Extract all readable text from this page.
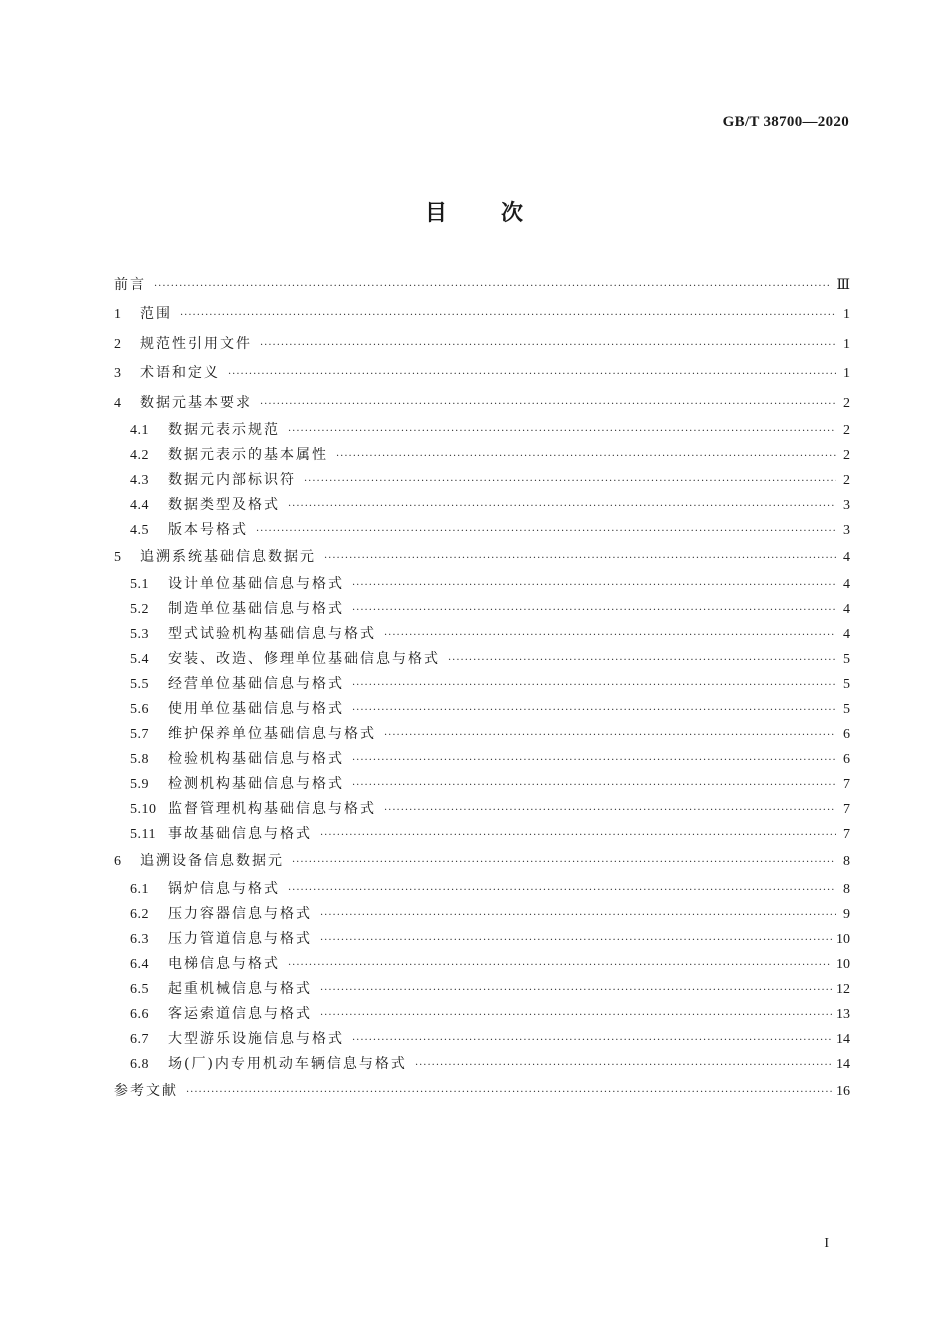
GB/T 38700—2020
目 次
前言 ·····	Ⅲ
1	范围 ·····	1
2	规范性引用文件 ·····	1
3	术语和定义 ·····	1
4	数据元基本要求 ·····	2
4.1	数据元表示规范 ·····	2
4.2	数据元表示的基本属性 ·····	2
4.3	数据元内部标识符 ·····	2
4.4	数据类型及格式 ·····	3
4.5	版本号格式 ·····	3
5	追溯系统基础信息数据元 ·····	4
5.1	设计单位基础信息与格式 ·····	4
5.2	制造单位基础信息与格式 ·····	4
5.3	型式试验机构基础信息与格式 ·····	4
5.4	安装、改造、修理单位基础信息与格式 ·····	5
5.5	经营单位基础信息与格式 ·····	5
5.6	使用单位基础信息与格式 ·····	5
5.7	维护保养单位基础信息与格式 ·····	6
5.8	检验机构基础信息与格式 ·····	6
5.9	检测机构基础信息与格式 ·····	7
5.10 监督管理机构基础信息与格式 ·····	7
5.11 事故基础信息与格式 ·····	7
6	追溯设备信息数据元 ·····	8
6.1	锅炉信息与格式 ·····	8
6.2	压力容器信息与格式 ·····	9
6.3	压力管道信息与格式 ·····	10
6.4	电梯信息与格式 ·····	10
6.5	起重机械信息与格式 ·····	12
6.6	客运索道信息与格式 ·····	13
6.7	大型游乐设施信息与格式 ·····	14
6.8	场(厂)内专用机动车辆信息与格式 ·····	14
参考文献 ·····	16
I
